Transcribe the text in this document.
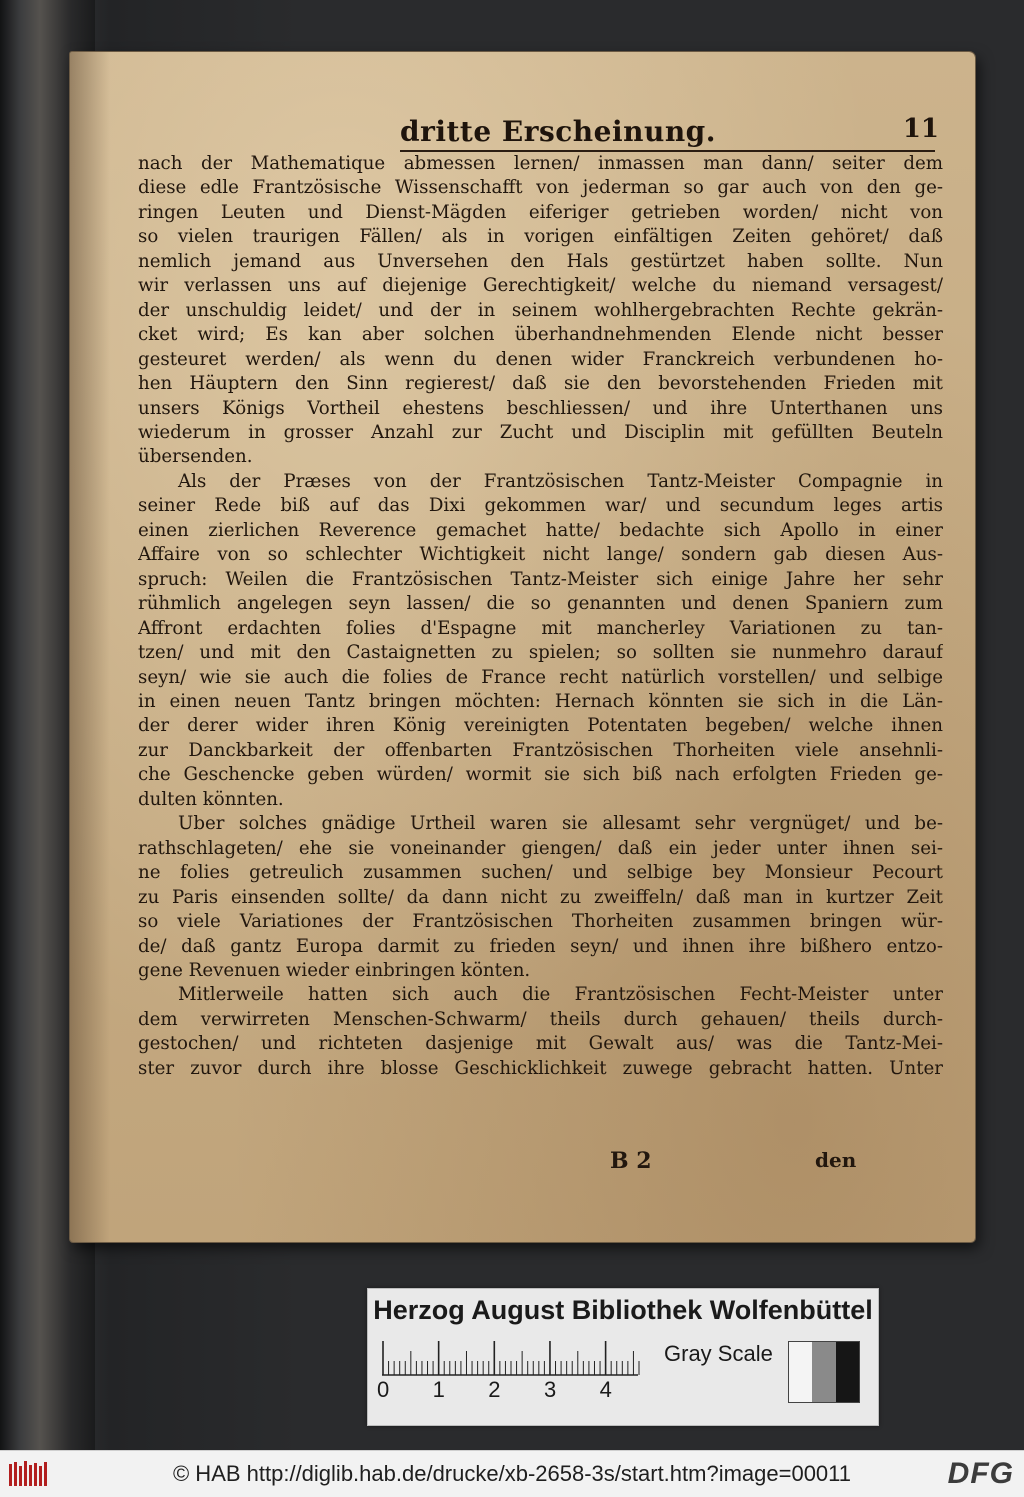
dritte Erscheinung.	11
nach der Mathematique abmessen lernen/ inmassen man dann/ seiter dem
diese edle Frantzösische Wissenschafft von jederman so gar auch von den ge-
ringen Leuten und Dienst-Mägden eiferiger getrieben worden/ nicht von
so vielen traurigen Fällen/ als in vorigen einfältigen Zeiten gehöret/ daß
nemlich jemand aus Unversehen den Hals gestürtzet haben sollte. Nun
wir verlassen uns auf diejenige Gerechtigkeit/ welche du niemand versagest/
der unschuldig leidet/ und der in seinem wohlhergebrachten Rechte gekrän-
cket wird; Es kan aber solchen überhandnehmenden Elende nicht besser
gesteuret werden/ als wenn du denen wider Franckreich verbundenen ho-
hen Häuptern den Sinn regierest/ daß sie den bevorstehenden Frieden mit
unsers Königs Vortheil ehestens beschliessen/ und ihre Unterthanen uns
wiederum in grosser Anzahl zur Zucht und Disciplin mit gefüllten Beuteln
übersenden.
Als der Præses von der Frantzösischen Tantz-Meister Compagnie in
seiner Rede biß auf das Dixi gekommen war/ und secundum leges artis
einen zierlichen Reverence gemachet hatte/ bedachte sich Apollo in einer
Affaire von so schlechter Wichtigkeit nicht lange/ sondern gab diesen Aus-
spruch: Weilen die Frantzösischen Tantz-Meister sich einige Jahre her sehr
rühmlich angelegen seyn lassen/ die so genannten und denen Spaniern zum
Affront erdachten folies d'Espagne mit mancherley Variationen zu tan-
tzen/ und mit den Castaignetten zu spielen; so sollten sie nunmehro darauf
seyn/ wie sie auch die folies de France recht natürlich vorstellen/ und selbige
in einen neuen Tantz bringen möchten: Hernach könnten sie sich in die Län-
der derer wider ihren König vereinigten Potentaten begeben/ welche ihnen
zur Danckbarkeit der offenbarten Frantzösischen Thorheiten viele ansehnli-
che Geschencke geben würden/ wormit sie sich biß nach erfolgten Frieden ge-
dulten könnten.
Uber solches gnädige Urtheil waren sie allesamt sehr vergnüget/ und be-
rathschlageten/ ehe sie voneinander giengen/ daß ein jeder unter ihnen sei-
ne folies getreulich zusammen suchen/ und selbige bey Monsieur Pecourt
zu Paris einsenden sollte/ da dann nicht zu zweiffeln/ daß man in kurtzer Zeit
so viele Variationes der Frantzösischen Thorheiten zusammen bringen wür-
de/ daß gantz Europa darmit zu frieden seyn/ und ihnen ihre bißhero entzo-
gene Revenuen wieder einbringen könten.
Mitlerweile hatten sich auch die Frantzösischen Fecht-Meister unter
dem verwirreten Menschen-Schwarm/ theils durch gehauen/ theils durch-
gestochen/ und richteten dasjenige mit Gewalt aus/ was die Tantz-Mei-
ster zuvor durch ihre blosse Geschicklichkeit zuwege gebracht hatten. Unter
B 2	den
Herzog August Bibliothek Wolfenbüttel
0 1 2 3 4
Gray Scale
© HAB http://diglib.hab.de/drucke/xb-2658-3s/start.htm?image=00011	DFG
